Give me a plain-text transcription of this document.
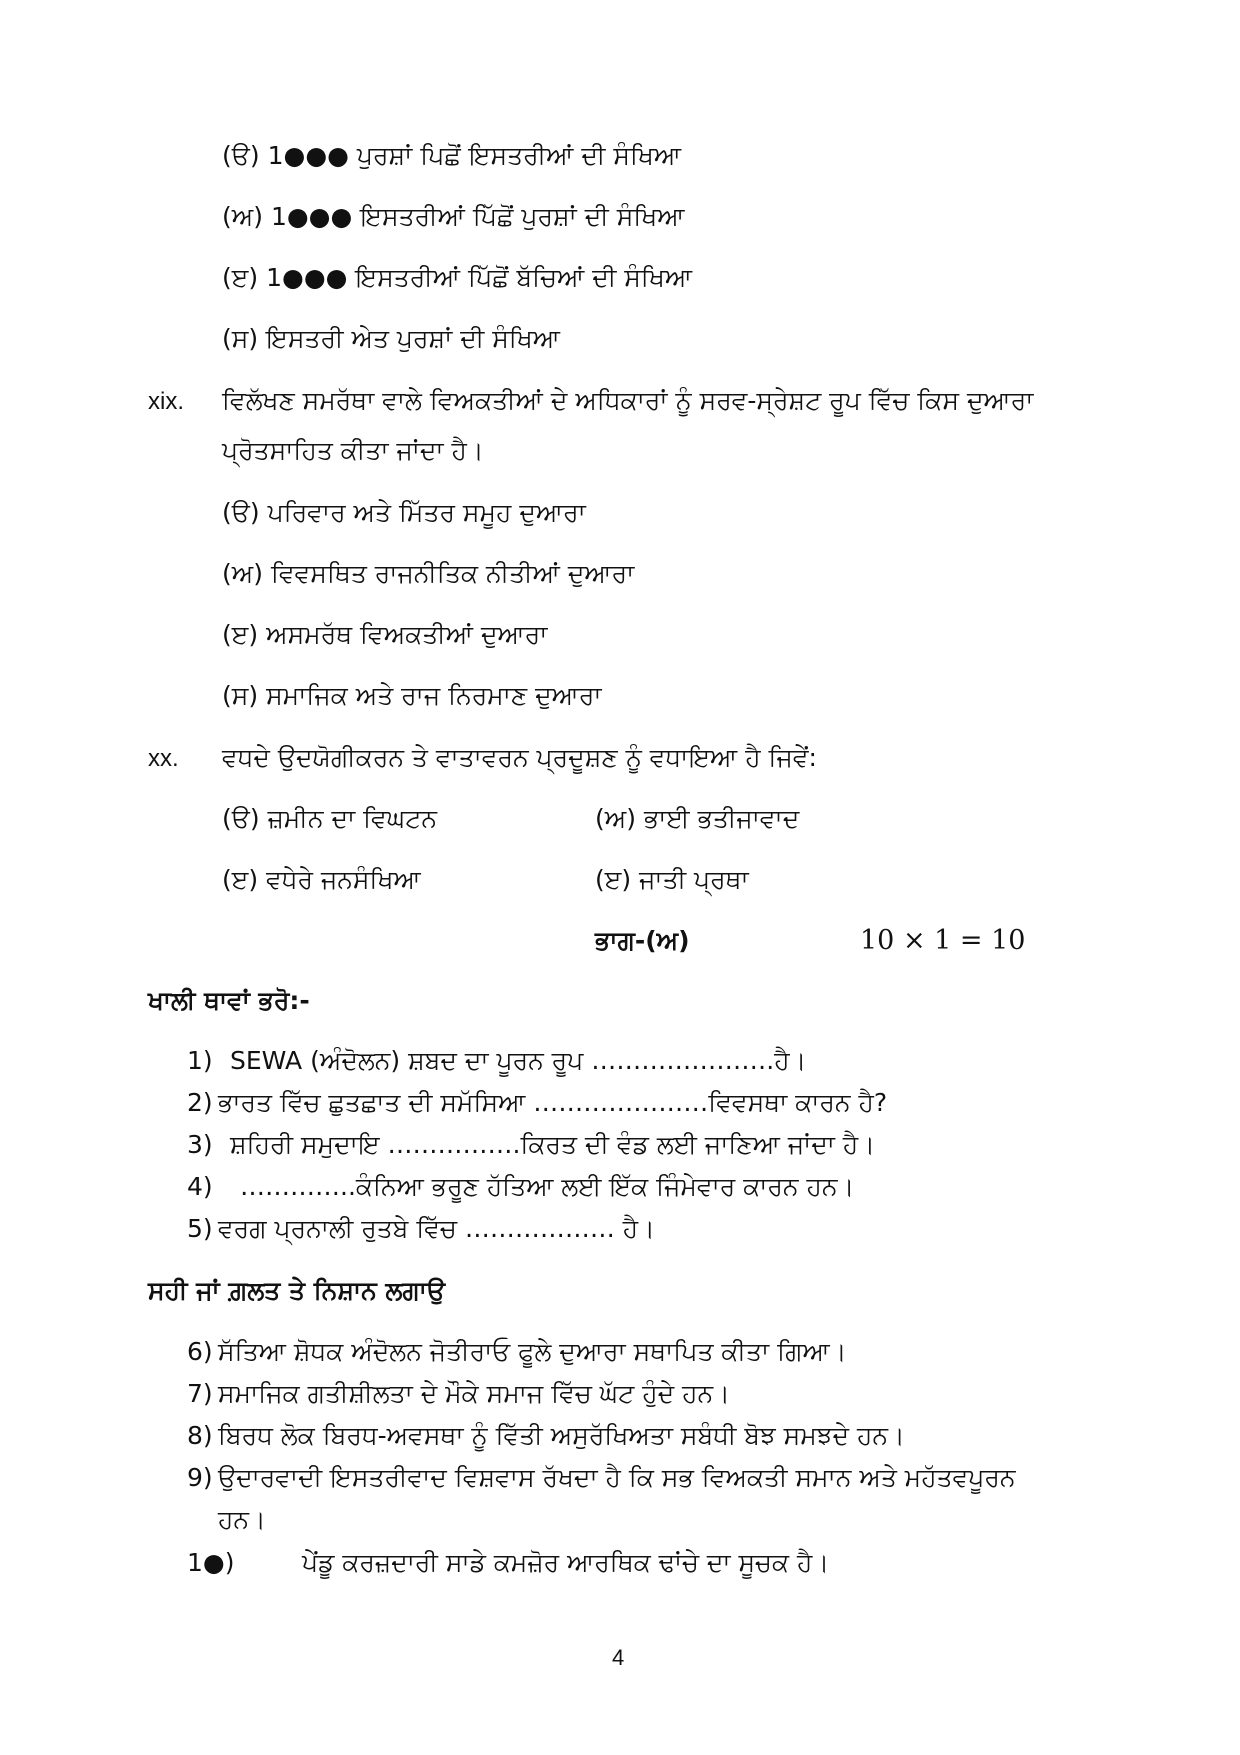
(ੳ) 1●●● ਪੁਰਸ਼ਾਂ ਪਿਛੋਂ ਇਸਤਰੀਆਂ ਦੀ ਸੰਖਿਆ

(ਅ) 1●●● ਇਸਤਰੀਆਂ ਪਿੱਛੋਂ ਪੁਰਸ਼ਾਂ ਦੀ ਸੰਖਿਆ

(ੲ) 1●●● ਇਸਤਰੀਆਂ ਪਿੱਛੋਂ ਬੱਚਿਆਂ ਦੀ ਸੰਖਿਆ

(ਸ) ਇਸਤਰੀ ਅੇਤ ਪੁਰਸ਼ਾਂ ਦੀ ਸੰਖਿਆ

xix. ਵਿਲੱਖਣ ਸਮਰੱਥਾ ਵਾਲੇ ਵਿਅਕਤੀਆਂ ਦੇ ਅਧਿਕਾਰਾਂ ਨੂੰ ਸਰਵ-ਸ੍ਰੇਸ਼ਟ ਰੂਪ ਵਿੱਚ ਕਿਸ ਦੁਆਰਾ

ਪ੍ਰੋਤਸਾਹਿਤ ਕੀਤਾ ਜਾਂਦਾ ਹੈ।

(ੳ) ਪਰਿਵਾਰ ਅਤੇ ਮਿੱਤਰ ਸਮੂਹ ਦੁਆਰਾ

(ਅ) ਵਿਵਸਥਿਤ ਰਾਜਨੀਤਿਕ ਨੀਤੀਆਂ ਦੁਆਰਾ

(ੲ) ਅਸਮਰੱਥ ਵਿਅਕਤੀਆਂ ਦੁਆਰਾ

(ਸ) ਸਮਾਜਿਕ ਅਤੇ ਰਾਜ ਨਿਰਮਾਣ ਦੁਆਰਾ

xx. ਵਧਦੇ ਉਦਯੋਗੀਕਰਨ ਤੇ ਵਾਤਾਵਰਨ ਪ੍ਰਦੂਸ਼ਣ ਨੂੰ ਵਧਾਇਆ ਹੈ ਜਿਵੇਂ:

(ੳ) ਜ਼ਮੀਨ ਦਾ ਵਿਘਟਨ	(ਅ) ਭਾਈ ਭਤੀਜਾਵਾਦ

(ੲ) ਵਧੇਰੇ ਜਨਸੰਖਿਆ	(ੲ) ਜਾਤੀ ਪ੍ਰਥਾ

ਭਾਗ-(ਅ)	10 × 1 = 10

ਖਾਲੀ ਥਾਵਾਂ ਭਰੋ:-

1) SEWA (ਅੰਦੋਲਨ) ਸ਼ਬਦ ਦਾ ਪੂਰਨ ਰੂਪ ………………….ਹੈ।

2) ਭਾਰਤ ਵਿੱਚ ਛੁਤਛਾਤ ਦੀ ਸਮੱਸਿਆ …………………ਵਿਵਸਥਾ ਕਾਰਨ ਹੈ?

3) ਸ਼ਹਿਰੀ ਸਮੁਦਾਇ …………….ਕਿਰਤ ਦੀ ਵੰਡ ਲਈ ਜਾਣਿਆ ਜਾਂਦਾ ਹੈ।

4) …………..ਕੰਨਿਆ ਭਰੂਣ ਹੱਤਿਆ ਲਈ ਇੱਕ ਜਿੰਮੇਵਾਰ ਕਾਰਨ ਹਨ।

5) ਵਰਗ ਪ੍ਰਨਾਲੀ ਰੁਤਬੇ ਵਿੱਚ ……………… ਹੈ।

ਸਹੀ ਜਾਂ ਗ਼ਲਤ ਤੇ ਨਿਸ਼ਾਨ ਲਗਾਉ

6) ਸੱਤਿਆ ਸ਼ੋਧਕ ਅੰਦੋਲਨ ਜੋਤੀਰਾਓ ਫੂਲੇ ਦੁਆਰਾ ਸਥਾਪਿਤ ਕੀਤਾ ਗਿਆ।

7) ਸਮਾਜਿਕ ਗਤੀਸ਼ੀਲਤਾ ਦੇ ਮੌਕੇ ਸਮਾਜ ਵਿੱਚ ਘੱਟ ਹੁੰਦੇ ਹਨ।

8) ਬਿਰਧ ਲੋਕ ਬਿਰਧ-ਅਵਸਥਾ ਨੂੰ ਵਿੱਤੀ ਅਸੁਰੱਖਿਅਤਾ ਸਬੰਧੀ ਬੋਝ ਸਮਝਦੇ ਹਨ।

9) ਉਦਾਰਵਾਦੀ ਇਸਤਰੀਵਾਦ ਵਿਸ਼ਵਾਸ ਰੱਖਦਾ ਹੈ ਕਿ ਸਭ ਵਿਅਕਤੀ ਸਮਾਨ ਅਤੇ ਮਹੱਤਵਪੂਰਨ

ਹਨ।

1●)	ਪੇਂਡੂ ਕਰਜ਼ਦਾਰੀ ਸਾਡੇ ਕਮਜ਼ੋਰ ਆਰਥਿਕ ਢਾਂਚੇ ਦਾ ਸੂਚਕ ਹੈ।

4
